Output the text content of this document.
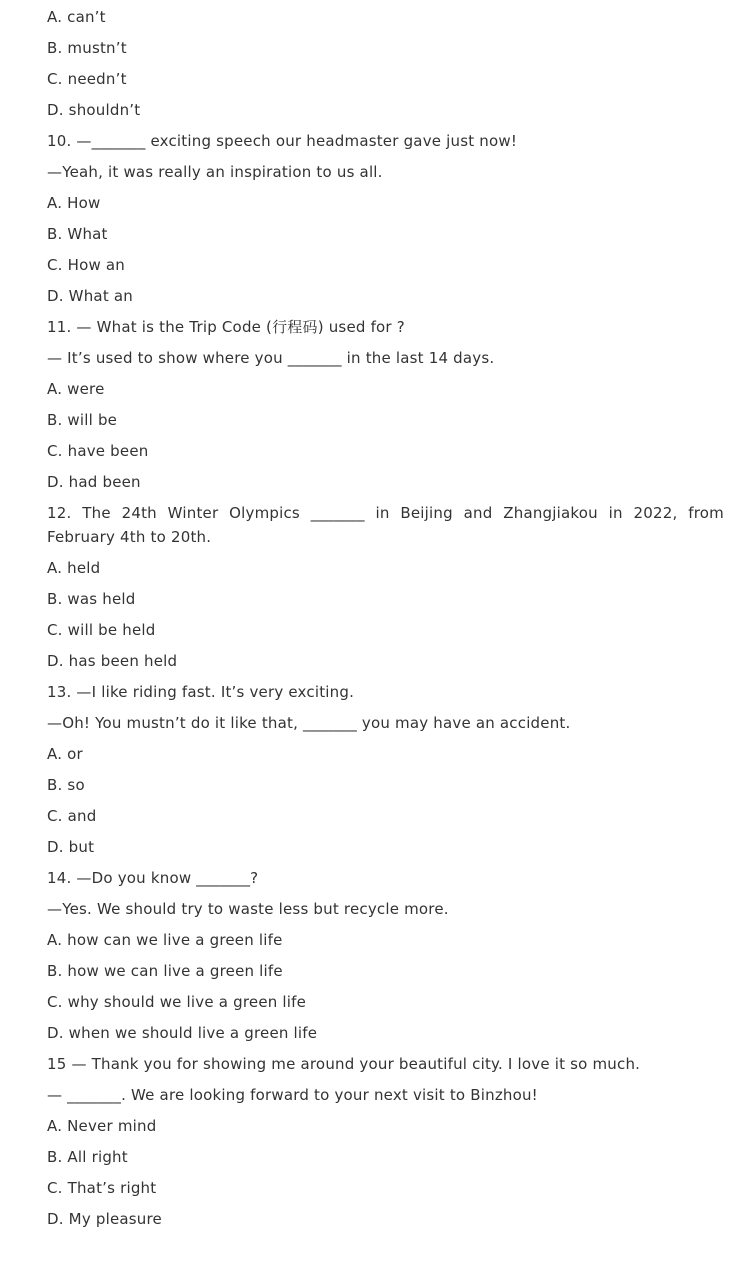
A. can’t
B. mustn’t
C. needn’t
D. shouldn’t
10. —_______ exciting speech our headmaster gave just now!
—Yeah, it was really an inspiration to us all.
A. How
B. What
C. How an
D. What an
11. — What is the Trip Code (行程码) used for ?
— It’s used to show where you _______ in the last 14 days.
A. were
B. will be
C. have been
D. had been
12. The 24th Winter Olympics _______ in Beijing and Zhangjiakou in 2022, from February 4th to 20th.
A. held
B. was held
C. will be held
D. has been held
13. —I like riding fast. It’s very exciting.
—Oh! You mustn’t do it like that, _______ you may have an accident.
A. or
B. so
C. and
D. but
14. —Do you know _______?
—Yes. We should try to waste less but recycle more.
A. how can we live a green life
B. how we can live a green life
C. why should we live a green life
D. when we should live a green life
15 — Thank you for showing me around your beautiful city. I love it so much.
— _______. We are looking forward to your next visit to Binzhou!
A. Never mind
B. All right
C. That’s right
D. My pleasure
